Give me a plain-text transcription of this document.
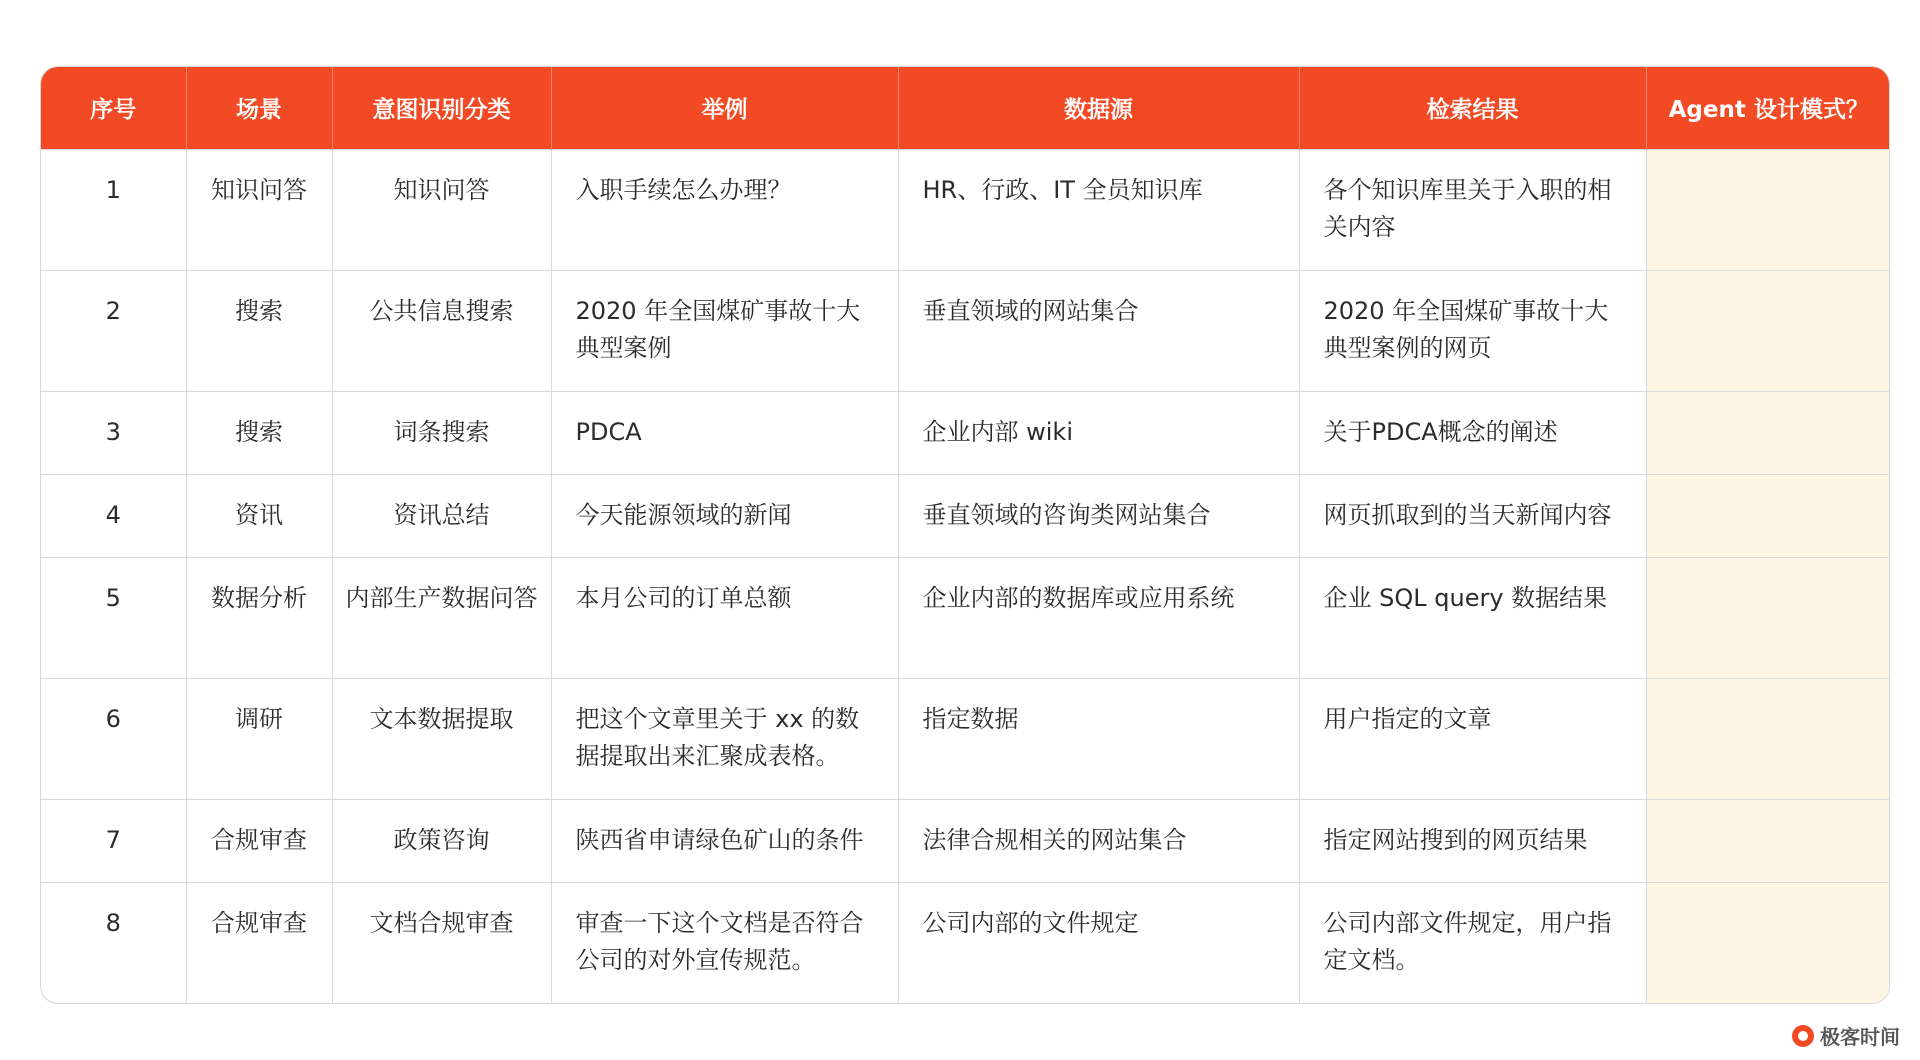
序号	场景	意图识别分类	举例	数据源	检索结果	Agent 设计模式？
1	知识问答	知识问答	入职手续怎么办理？	HR、行政、IT 全员知识库	各个知识库里关于入职的相关内容	
2	搜索	公共信息搜索	2020 年全国煤矿事故十大典型案例	垂直领域的网站集合	2020 年全国煤矿事故十大典型案例的网页	
3	搜索	词条搜索	PDCA	企业内部 wiki	关于PDCA概念的阐述	
4	资讯	资讯总结	今天能源领域的新闻	垂直领域的咨询类网站集合	网页抓取到的当天新闻内容	
5	数据分析	内部生产数据问答	本月公司的订单总额	企业内部的数据库或应用系统	企业 SQL query 数据结果	
6	调研	文本数据提取	把这个文章里关于 xx 的数据提取出来汇聚成表格。	指定数据	用户指定的文章	
7	合规审查	政策咨询	陕西省申请绿色矿山的条件	法律合规相关的网站集合	指定网站搜到的网页结果	
8	合规审查	文档合规审查	审查一下这个文档是否符合公司的对外宣传规范。	公司内部的文件规定	公司内部文件规定，用户指定文档。	
极客时间
